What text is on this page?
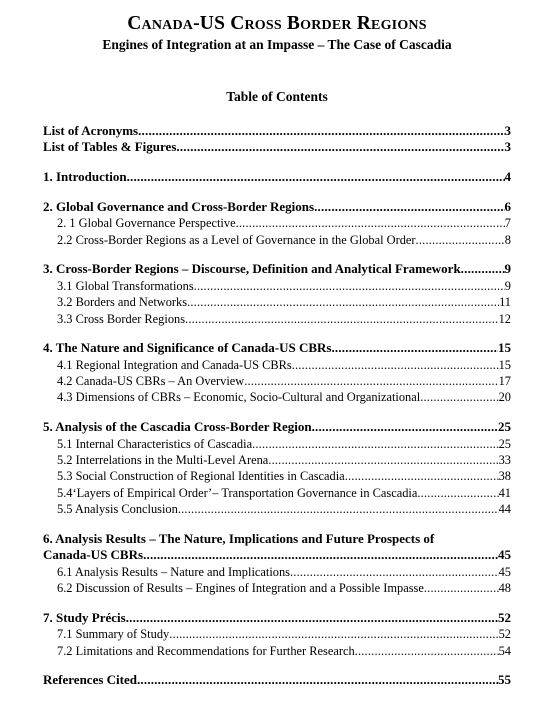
Canada-US Cross Border Regions
Engines of Integration at an Impasse – The Case of Cascadia
Table of Contents
List of Acronyms .....	3
List of Tables & Figures .....	3
1. Introduction .....	4
2. Global Governance and Cross-Border Regions .....	6
2. 1 Global Governance Perspective .....	7
2.2 Cross-Border Regions as a Level of Governance in the Global Order .....	8
3. Cross-Border Regions – Discourse, Definition and Analytical Framework .....	9
3.1 Global Transformations .....	9
3.2 Borders and Networks .....	11
3.3 Cross Border Regions .....	12
4. The Nature and Significance of Canada-US CBRs .....	15
4.1 Regional Integration and Canada-US CBRs .....	15
4.2 Canada-US CBRs – An Overview .....	17
4.3 Dimensions of CBRs – Economic, Socio-Cultural and Organizational .....	20
5. Analysis of the Cascadia Cross-Border Region .....	25
5.1 Internal Characteristics of Cascadia .....	25
5.2 Interrelations in the Multi-Level Arena .....	33
5.3 Social Construction of Regional Identities in Cascadia .....	38
5.4‘Layers of Empirical Order’– Transportation Governance in Cascadia .....	41
5.5 Analysis Conclusion .....	44
6. Analysis Results – The Nature, Implications and Future Prospects of
Canada-US CBRs .....	45
6.1 Analysis Results – Nature and Implications .....	45
6.2 Discussion of Results – Engines of Integration and a Possible Impasse .....	48
7. Study Précis .....	52
7.1 Summary of Study .....	52
7.2 Limitations and Recommendations for Further Research .....	54
References Cited .....	55
